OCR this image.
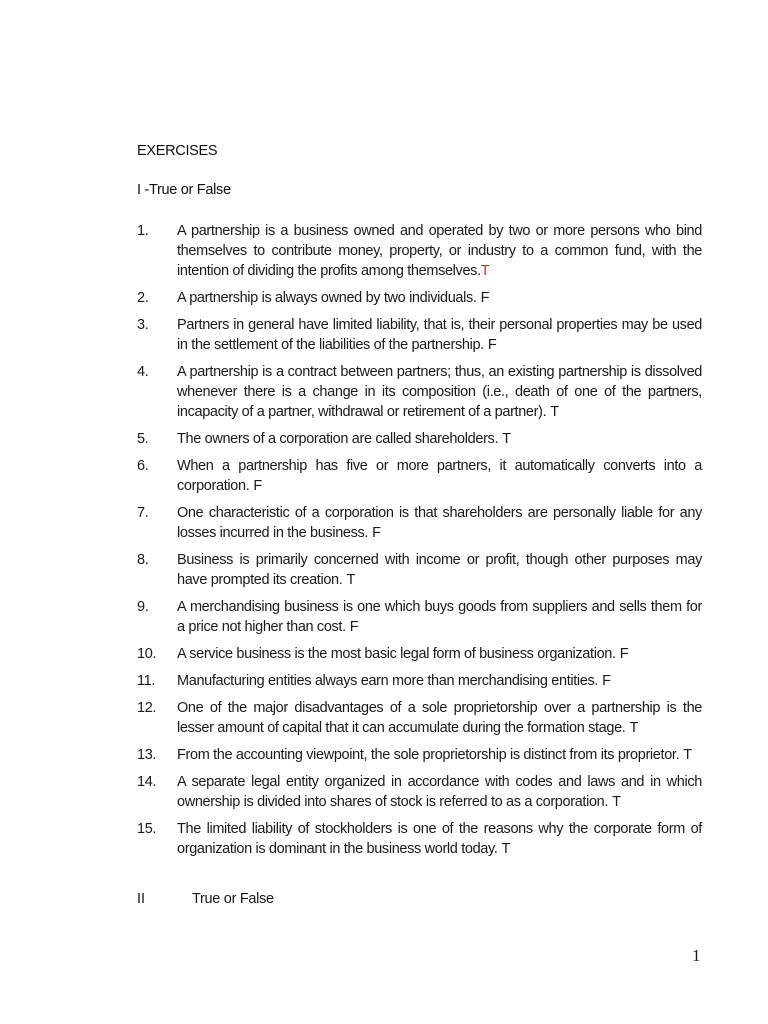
EXERCISES
I -True or False
1. A partnership is a business owned and operated by two or more persons who bind themselves to contribute money, property, or industry to a common fund, with the intention of dividing the profits among themselves.T
2. A partnership is always owned by two individuals. F
3. Partners in general have limited liability, that is, their personal properties may be used in the settlement of the liabilities of the partnership. F
4. A partnership is a contract between partners; thus, an existing partnership is dissolved whenever there is a change in its composition (i.e., death of one of the partners, incapacity of a partner, withdrawal or retirement of a partner). T
5. The owners of a corporation are called shareholders. T
6. When a partnership has five or more partners, it automatically converts into a corporation. F
7. One characteristic of a corporation is that shareholders are personally liable for any losses incurred in the business. F
8. Business is primarily concerned with income or profit, though other purposes may have prompted its creation. T
9. A merchandising business is one which buys goods from suppliers and sells them for a price not higher than cost. F
10. A service business is the most basic legal form of business organization. F
11. Manufacturing entities always earn more than merchandising entities. F
12. One of the major disadvantages of a sole proprietorship over a partnership is the lesser amount of capital that it can accumulate during the formation stage. T
13. From the accounting viewpoint, the sole proprietorship is distinct from its proprietor. T
14. A separate legal entity organized in accordance with codes and laws and in which ownership is divided into shares of stock is referred to as a corporation. T
15. The limited liability of stockholders is one of the reasons why the corporate form of organization is dominant in the business world today. T
II	True or False
1
